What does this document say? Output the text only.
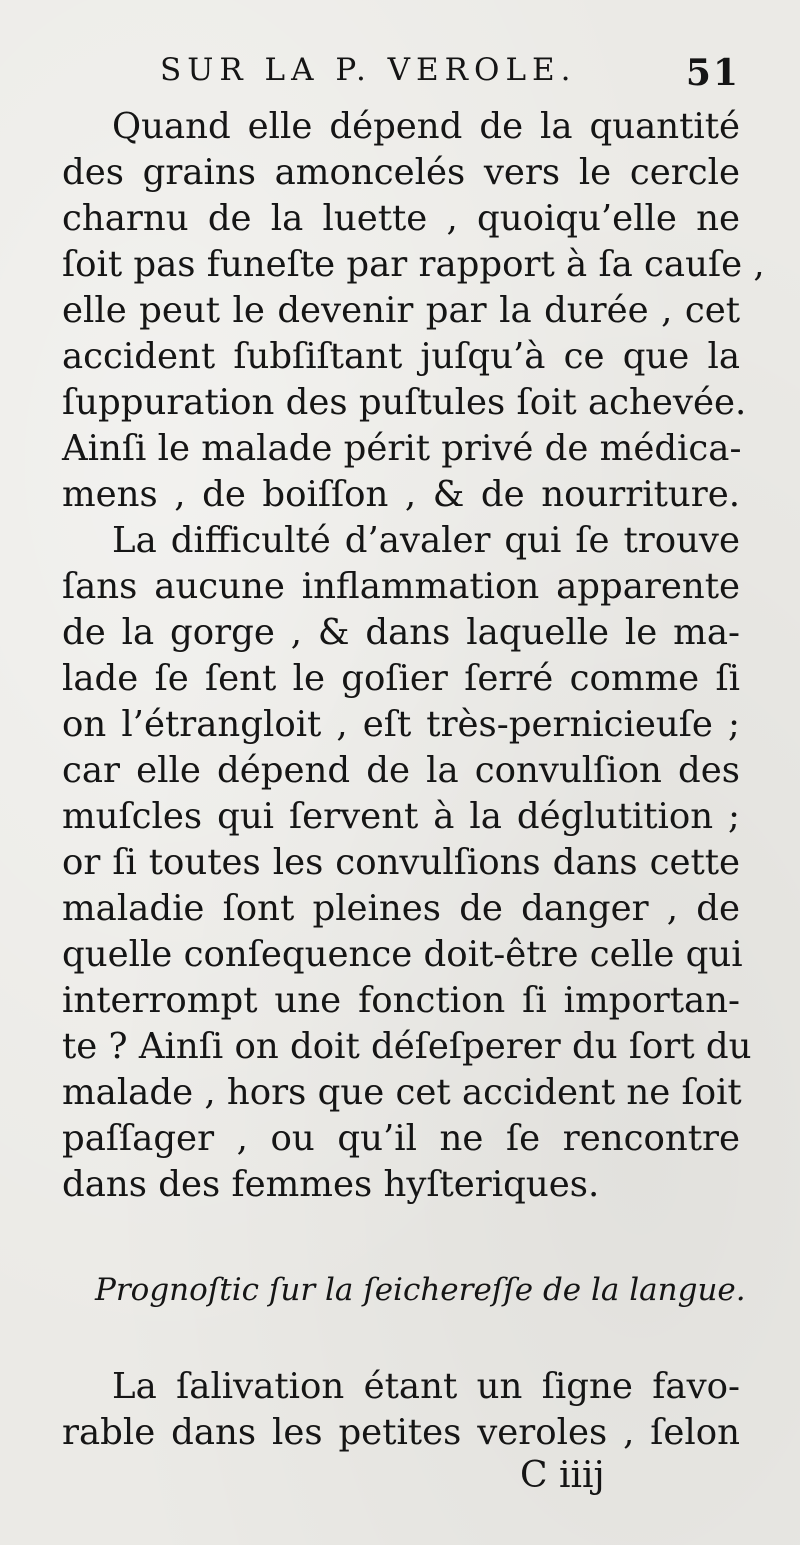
SUR LA P. VEROLE.	51
Quand elle dépend de la quantité
des grains amoncelés vers le cercle
charnu de la luette , quoiqu’elle ne
ſoit pas funeſte par rapport à ſa cauſe ,
elle peut le devenir par la durée , cet
accident ſubſiſtant juſqu’à ce que la
ſuppuration des puſtules ſoit achevée.
Ainſi le malade périt privé de médica-
mens , de boiſſon , & de nourriture.
La difficulté d’avaler qui ſe trouve
ſans aucune inflammation apparente
de la gorge , & dans laquelle le ma-
lade ſe ſent le goſier ſerré comme ſi
on l’étrangloit , eſt très-pernicieuſe ;
car elle dépend de la convulſion des
muſcles qui ſervent à la déglutition ;
or ſi toutes les convulſions dans cette
maladie ſont pleines de danger , de
quelle conſequence doit-être celle qui
interrompt une fonction ſi importan-
te ? Ainſi on doit déſeſperer du ſort du
malade , hors que cet accident ne ſoit
paſſager , ou qu’il ne ſe rencontre
dans des femmes hyſteriques.
Prognoſtic ſur la ſeichereſſe de la langue.
La ſalivation étant un ſigne favo-
rable dans les petites veroles , ſelon
C iiij
